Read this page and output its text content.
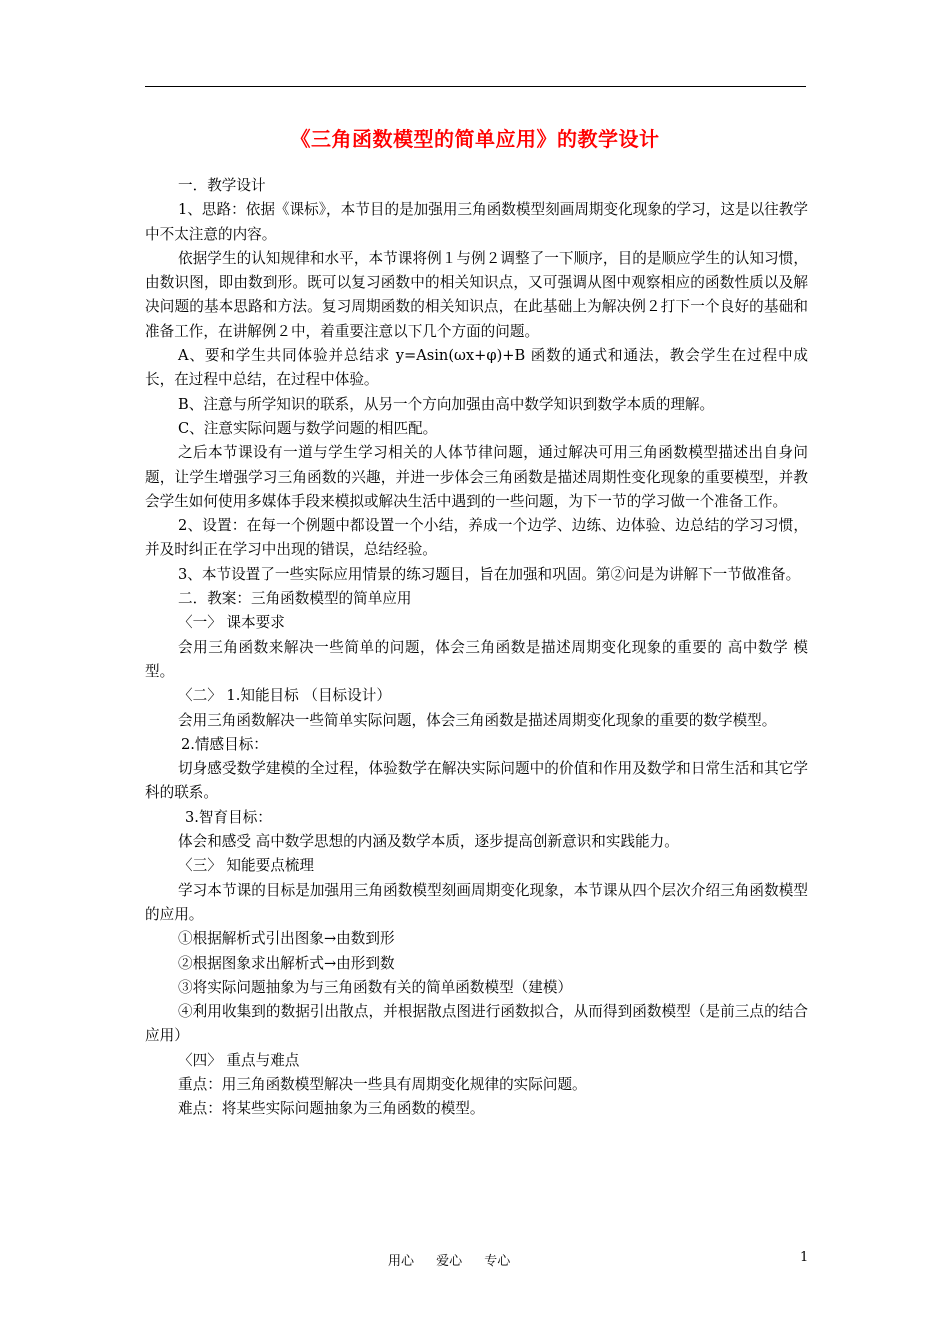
《三角函数模型的简单应用》的教学设计

一．教学设计

1、思路：依据《课标》，本节目的是加强用三角函数模型刻画周期变化现象的学习，这是以往教学中不太注意的内容。

依据学生的认知规律和水平，本节课将例１与例２调整了一下顺序，目的是顺应学生的认知习惯，由数识图，即由数到形。既可以复习函数中的相关知识点，又可强调从图中观察相应的函数性质以及解决问题的基本思路和方法。复习周期函数的相关知识点，在此基础上为解决例２打下一个良好的基础和准备工作，在讲解例２中，着重要注意以下几个方面的问题。

A、要和学生共同体验并总结求 y=Asin(ωx+φ)+B 函数的通式和通法，教会学生在过程中成长，在过程中总结，在过程中体验。

B、注意与所学知识的联系，从另一个方向加强由高中数学知识到数学本质的理解。

C、注意实际问题与数学问题的相匹配。

之后本节课设有一道与学生学习相关的人体节律问题，通过解决可用三角函数模型描述出自身问题，让学生增强学习三角函数的兴趣，并进一步体会三角函数是描述周期性变化现象的重要模型，并教会学生如何使用多媒体手段来模拟或解决生活中遇到的一些问题，为下一节的学习做一个准备工作。

2、设置：在每一个例题中都设置一个小结，养成一个边学、边练、边体验、边总结的学习习惯，并及时纠正在学习中出现的错误，总结经验。

3、本节设置了一些实际应用情景的练习题目，旨在加强和巩固。第②问是为讲解下一节做准备。

二．教案：三角函数模型的简单应用

〈一〉 课本要求

会用三角函数来解决一些简单的问题，体会三角函数是描述周期变化现象的重要的 高中数学 模型。

〈二〉 1.知能目标 （目标设计）

会用三角函数解决一些简单实际问题，体会三角函数是描述周期变化现象的重要的数学模型。

2.情感目标：

切身感受数学建模的全过程，体验数学在解决实际问题中的价值和作用及数学和日常生活和其它学科的联系。

3.智育目标：

体会和感受 高中数学思想的内涵及数学本质，逐步提高创新意识和实践能力。

〈三〉 知能要点梳理

学习本节课的目标是加强用三角函数模型刻画周期变化现象，本节课从四个层次介绍三角函数模型的应用。

①根据解析式引出图象→由数到形

②根据图象求出解析式→由形到数

③将实际问题抽象为与三角函数有关的简单函数模型（建模）

④利用收集到的数据引出散点，并根据散点图进行函数拟合，从而得到函数模型（是前三点的结合应用）

〈四〉 重点与难点

重点：用三角函数模型解决一些具有周期变化规律的实际问题。

难点：将某些实际问题抽象为三角函数的模型。

用心 爱心 专心	1
